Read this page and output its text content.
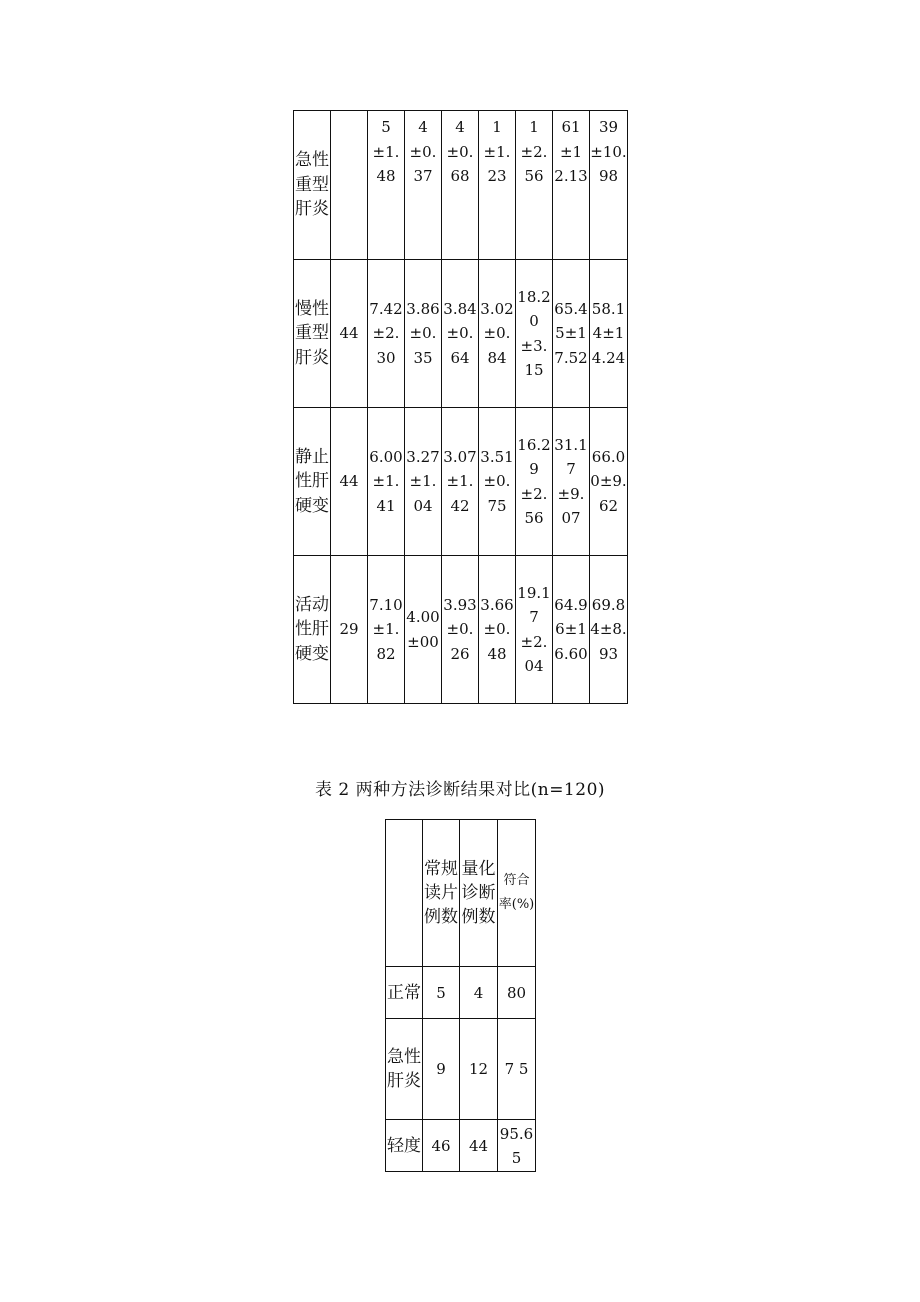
急性重型肝炎		5±1.48	4±0.37	4±0.68	1±1.23	1±2.56	61±12.13	39±10.98
慢性重型肝炎	44	7.42±2.30	3.86±0.35	3.84±0.64	3.02±0.84	18.20±3.15	65.45±17.52	58.14±14.24
静止性肝硬变	44	6.00±1.41	3.27±1.04	3.07±1.42	3.51±0.75	16.29±2.56	31.17±9.07	66.00±9.62
活动性肝硬变	29	7.10±1.82	4.00±00	3.93±0.26	3.66±0.48	19.17±2.04	64.96±16.60	69.84±8.93
表 2 两种方法诊断结果对比(n=120)
	常规读片例数	量化诊断例数	符合率(%)
正常	5	4	80
急性肝炎	9	12	7 5
轻度	46	44	95.65
